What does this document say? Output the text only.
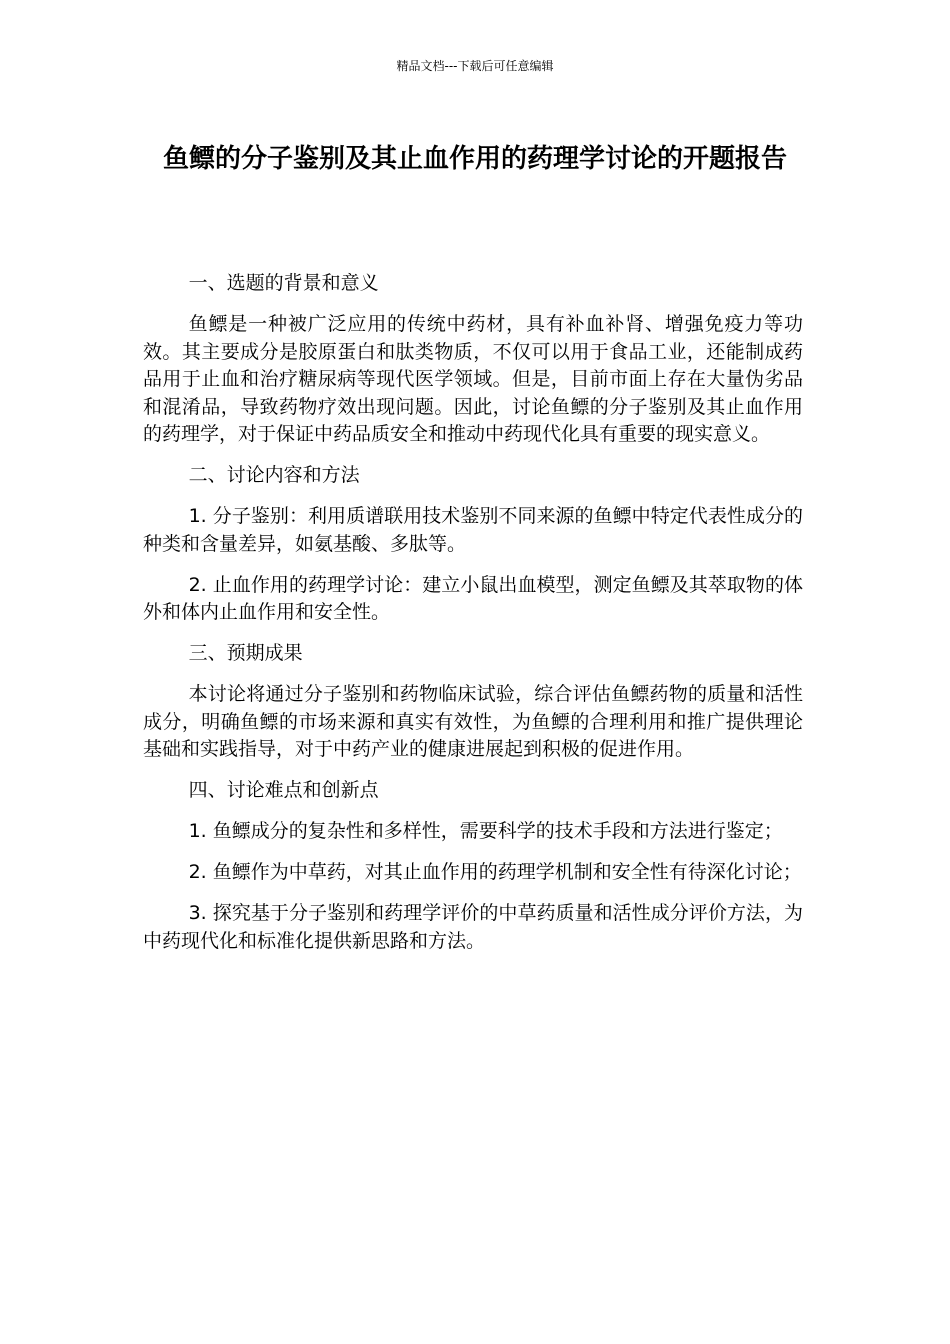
精品文档---下载后可任意编辑
鱼鳔的分子鉴别及其止血作用的药理学讨论的开题报告

一、选题的背景和意义

鱼鳔是一种被广泛应用的传统中药材，具有补血补肾、增强免疫力等功效。其主要成分是胶原蛋白和肽类物质，不仅可以用于食品工业，还能制成药品用于止血和治疗糖尿病等现代医学领域。但是，目前市面上存在大量伪劣品和混淆品，导致药物疗效出现问题。因此，讨论鱼鳔的分子鉴别及其止血作用的药理学，对于保证中药品质安全和推动中药现代化具有重要的现实意义。

二、讨论内容和方法

1. 分子鉴别：利用质谱联用技术鉴别不同来源的鱼鳔中特定代表性成分的种类和含量差异，如氨基酸、多肽等。

2. 止血作用的药理学讨论：建立小鼠出血模型，测定鱼鳔及其萃取物的体外和体内止血作用和安全性。

三、预期成果

本讨论将通过分子鉴别和药物临床试验，综合评估鱼鳔药物的质量和活性成分，明确鱼鳔的市场来源和真实有效性，为鱼鳔的合理利用和推广提供理论基础和实践指导，对于中药产业的健康进展起到积极的促进作用。

四、讨论难点和创新点

1. 鱼鳔成分的复杂性和多样性，需要科学的技术手段和方法进行鉴定；

2. 鱼鳔作为中草药，对其止血作用的药理学机制和安全性有待深化讨论；

3. 探究基于分子鉴别和药理学评价的中草药质量和活性成分评价方法，为中药现代化和标准化提供新思路和方法。
